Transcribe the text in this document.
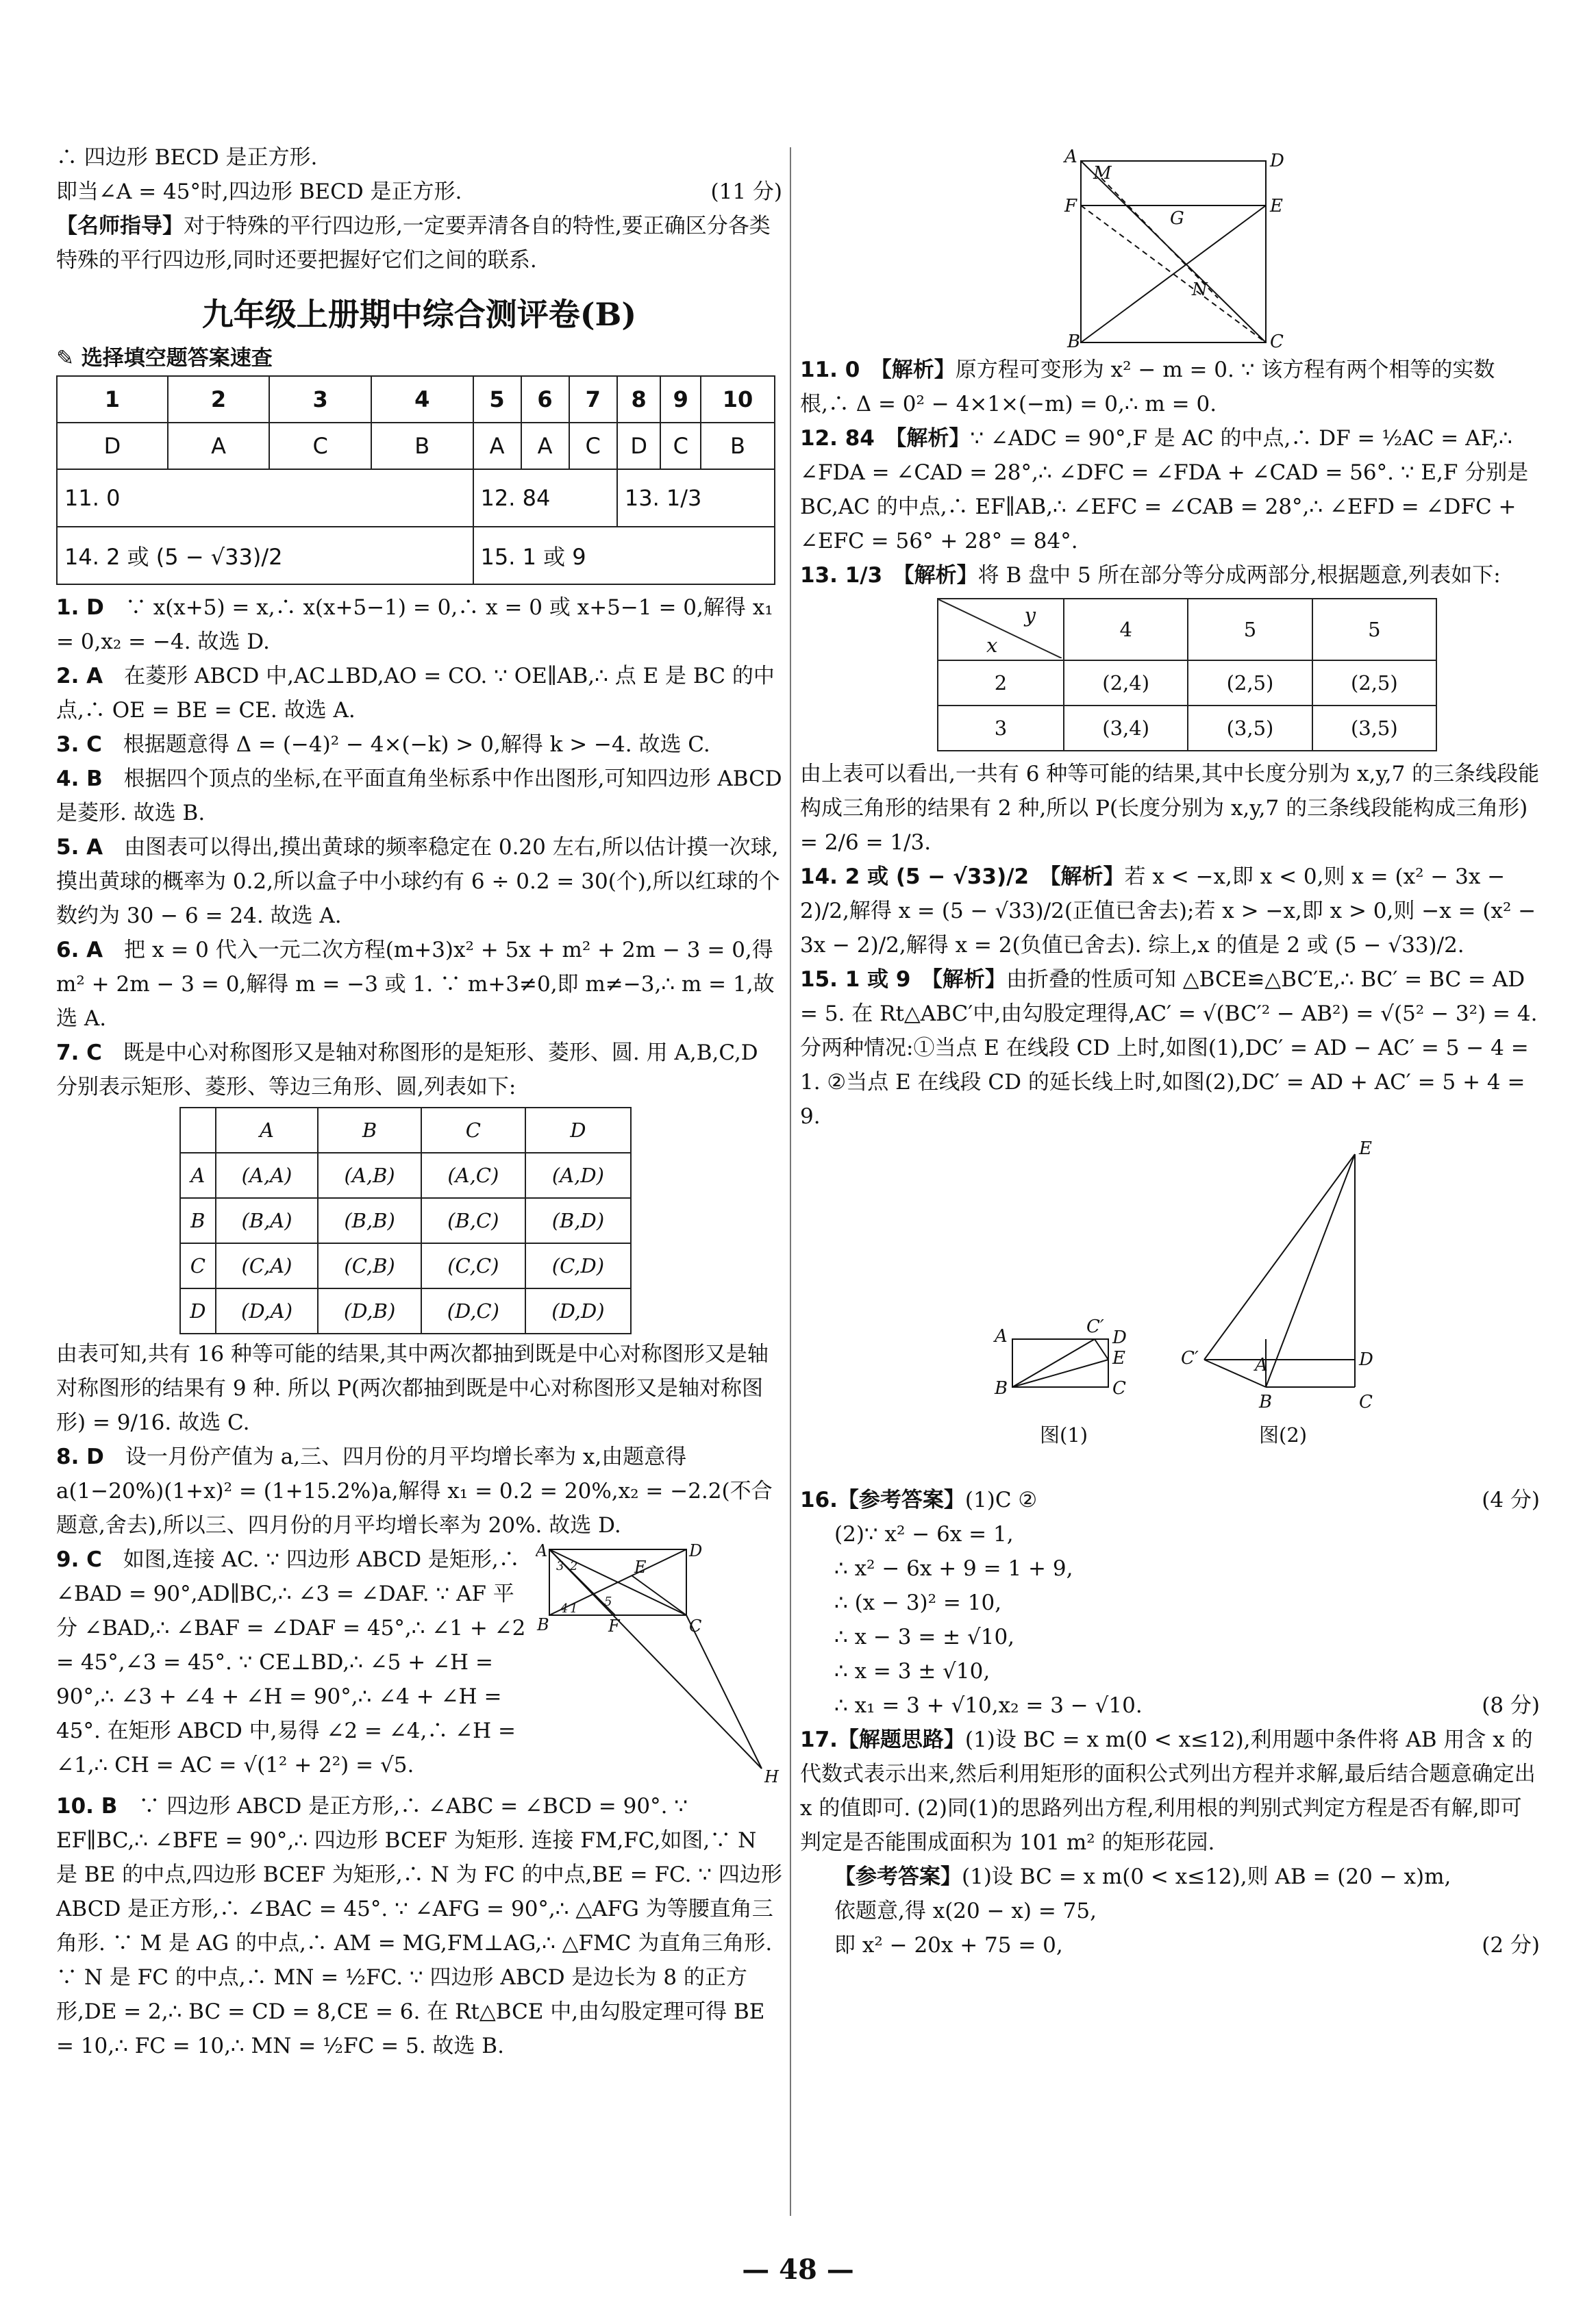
∴ 四边形 BECD 是正方形.

即当∠A = 45°时,四边形 BECD 是正方形.	(11 分)

【名师指导】对于特殊的平行四边形,一定要弄清各自的特性,要正确区分各类特殊的平行四边形,同时还要把握好它们之间的联系.

九年级上册期中综合测评卷(B)
✎ 选择填空题答案速查
1	2	3	4	5	6	7	8	9	10
D	A	C	B	A	A	C	D	C	B
11. 0				12. 84			13. 1/3		
14. 2 或 (5 − √33)/2				15. 1 或 9					

1. D　 ∵ x(x+5) = x,∴ x(x+5−1) = 0,∴ x = 0 或 x+5−1 = 0,解得 x₁ = 0,x₂ = −4. 故选 D.

2. A　 在菱形 ABCD 中,AC⊥BD,AO = CO. ∵ OE∥AB,∴ 点 E 是 BC 的中点,∴ OE = BE = CE. 故选 A.

3. C　 根据题意得 Δ = (−4)² − 4×(−k) > 0,解得 k > −4. 故选 C.

4. B　 根据四个顶点的坐标,在平面直角坐标系中作出图形,可知四边形 ABCD 是菱形. 故选 B.

5. A　 由图表可以得出,摸出黄球的频率稳定在 0.20 左右,所以估计摸一次球,摸出黄球的概率为 0.2,所以盒子中小球约有 6 ÷ 0.2 = 30(个),所以红球的个数约为 30 − 6 = 24. 故选 A.

6. A　 把 x = 0 代入一元二次方程(m+3)x² + 5x + m² + 2m − 3 = 0,得 m² + 2m − 3 = 0,解得 m = −3 或 1. ∵ m+3≠0,即 m≠−3,∴ m = 1,故选 A.

7. C　 既是中心对称图形又是轴对称图形的是矩形、菱形、圆. 用 A,B,C,D 分别表示矩形、菱形、等边三角形、圆,列表如下:

	A	B	C	D
A	(A,A)	(A,B)	(A,C)	(A,D)
B	(B,A)	(B,B)	(B,C)	(B,D)
C	(C,A)	(C,B)	(C,C)	(C,D)
D	(D,A)	(D,B)	(D,C)	(D,D)

由表可知,共有 16 种等可能的结果,其中两次都抽到既是中心对称图形又是轴对称图形的结果有 9 种. 所以 P(两次都抽到既是中心对称图形又是轴对称图形) = 9/16. 故选 C.

8. D　 设一月份产值为 a,三、四月份的月平均增长率为 x,由题意得 a(1−20%)(1+x)² = (1+15.2%)a,解得 x₁ = 0.2 = 20%,x₂ = −2.2(不合题意,舍去),所以三、四月份的月平均增长率为 20%. 故选 D.

A	D
B	C
E
F
H
3 2
1
4	5

9. C　 如图,连接 AC. ∵ 四边形 ABCD 是矩形,∴ ∠BAD = 90°,AD∥BC,∴ ∠3 = ∠DAF. ∵ AF 平分 ∠BAD,∴ ∠BAF = ∠DAF = 45°,∴ ∠1 + ∠2 = 45°,∠3 = 45°. ∵ CE⊥BD,∴ ∠5 + ∠H = 90°,∴ ∠3 + ∠4 + ∠H = 90°,∴ ∠4 + ∠H = 45°. 在矩形 ABCD 中,易得 ∠2 = ∠4,∴ ∠H = ∠1,∴ CH = AC = √(1² + 2²) = √5.

10. B　 ∵ 四边形 ABCD 是正方形,∴ ∠ABC = ∠BCD = 90°. ∵ EF∥BC,∴ ∠BFE = 90°,∴ 四边形 BCEF 为矩形. 连接 FM,FC,如图,∵ N 是 BE 的中点,四边形 BCEF 为矩形,∴ N 为 FC 的中点,BE = FC. ∵ 四边形 ABCD 是正方形,∴ ∠BAC = 45°. ∵ ∠AFG = 90°,∴ △AFG 为等腰直角三角形. ∵ M 是 AG 的中点,∴ AM = MG,FM⊥AG,∴ △FMC 为直角三角形. ∵ N 是 FC 的中点,∴ MN = ½FC. ∵ 四边形 ABCD 是边长为 8 的正方形,DE = 2,∴ BC = CD = 8,CE = 6. 在 Rt△BCE 中,由勾股定理可得 BE = 10,∴ FC = 10,∴ MN = ½FC = 5. 故选 B.

A	D
M
F	E
G
N
B	C

11. 0　 【解析】原方程可变形为 x² − m = 0. ∵ 该方程有两个相等的实数根,∴ Δ = 0² − 4×1×(−m) = 0,∴ m = 0.

12. 84　 【解析】∵ ∠ADC = 90°,F 是 AC 的中点,∴ DF = ½AC = AF,∴ ∠FDA = ∠CAD = 28°,∴ ∠DFC = ∠FDA + ∠CAD = 56°. ∵ E,F 分别是 BC,AC 的中点,∴ EF∥AB,∴ ∠EFC = ∠CAB = 28°,∴ ∠EFD = ∠DFC + ∠EFC = 56° + 28° = 84°.

13. 1/3　 【解析】将 B 盘中 5 所在部分等分成两部分,根据题意,列表如下:

y
x	4	5	5
2	(2,4)	(2,5)	(2,5)
3	(3,4)	(3,5)	(3,5)

由上表可以看出,一共有 6 种等可能的结果,其中长度分别为 x,y,7 的三条线段能构成三角形的结果有 2 种,所以 P(长度分别为 x,y,7 的三条线段能构成三角形) = 2/6 = 1/3.

14. 2 或 (5 − √33)/2　 【解析】若 x < −x,即 x < 0,则 x = (x² − 3x − 2)/2,解得 x = (5 − √33)/2(正值已舍去);若 x > −x,即 x > 0,则 −x = (x² − 3x − 2)/2,解得 x = 2(负值已舍去). 综上,x 的值是 2 或 (5 − √33)/2.

15. 1 或 9　 【解析】由折叠的性质可知 △BCE≌△BC′E,∴ BC′ = BC = AD = 5. 在 Rt△ABC′中,由勾股定理得,AC′ = √(BC′² − AB²) = √(5² − 3²) = 4. 分两种情况:①当点 E 在线段 CD 上时,如图(1),DC′ = AD − AC′ = 5 − 4 = 1. ②当点 E 在线段 CD 的延长线上时,如图(2),DC′ = AD + AC′ = 5 + 4 = 9.

A	C′
D
E
B	C
E
C′	A	D
B	C
图(1)	图(2)

16.【参考答案】(1)C ②	(4 分)

(2)∵ x² − 6x = 1,

∴ x² − 6x + 9 = 1 + 9,

∴ (x − 3)² = 10,

∴ x − 3 = ± √10,

∴ x = 3 ± √10,

∴ x₁ = 3 + √10,x₂ = 3 − √10.	(8 分)

17.【解题思路】(1)设 BC = x m(0 < x≤12),利用题中条件将 AB 用含 x 的代数式表示出来,然后利用矩形的面积公式列出方程并求解,最后结合题意确定出 x 的值即可. (2)同(1)的思路列出方程,利用根的判别式判定方程是否有解,即可判定是否能围成面积为 101 m² 的矩形花园.

【参考答案】(1)设 BC = x m(0 < x≤12),则 AB = (20 − x)m,

依题意,得 x(20 − x) = 75,

即 x² − 20x + 75 = 0,	(2 分)

— 48 —
